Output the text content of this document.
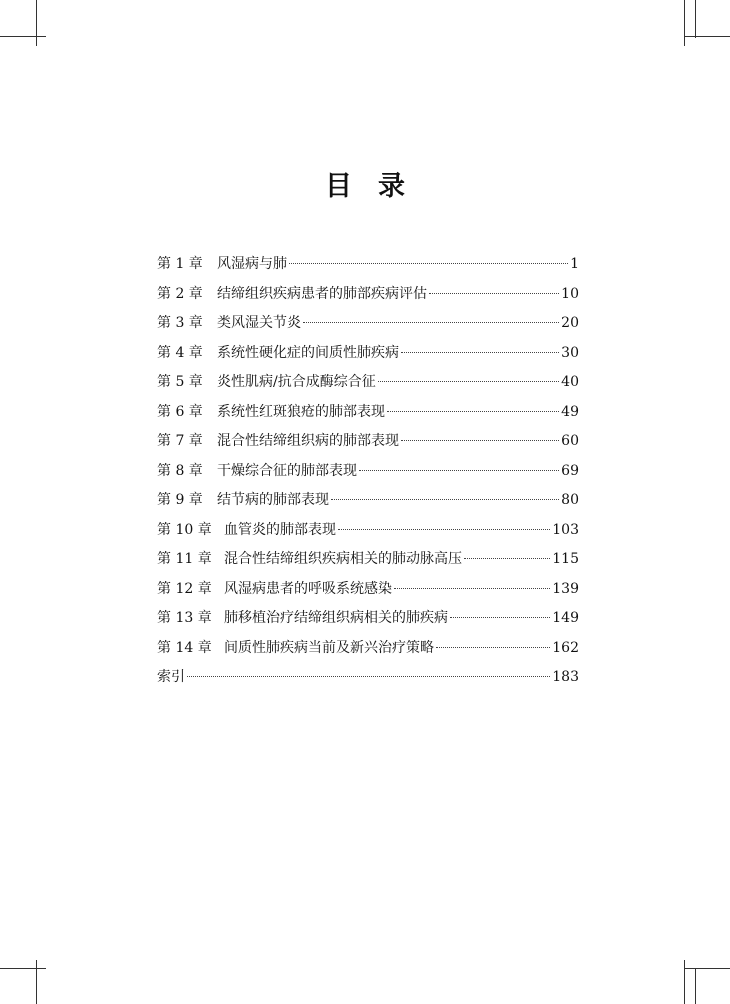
目 录
第 1 章	风湿病与肺	1
第 2 章	结缔组织疾病患者的肺部疾病评估	10
第 3 章	类风湿关节炎	20
第 4 章	系统性硬化症的间质性肺疾病	30
第 5 章	炎性肌病/抗合成酶综合征	40
第 6 章	系统性红斑狼疮的肺部表现	49
第 7 章	混合性结缔组织病的肺部表现	60
第 8 章	干燥综合征的肺部表现	69
第 9 章	结节病的肺部表现	80
第 10 章 血管炎的肺部表现	103
第 11 章 混合性结缔组织疾病相关的肺动脉高压	115
第 12 章 风湿病患者的呼吸系统感染	139
第 13 章 肺移植治疗结缔组织病相关的肺疾病	149
第 14 章 间质性肺疾病当前及新兴治疗策略	162
索引	183
